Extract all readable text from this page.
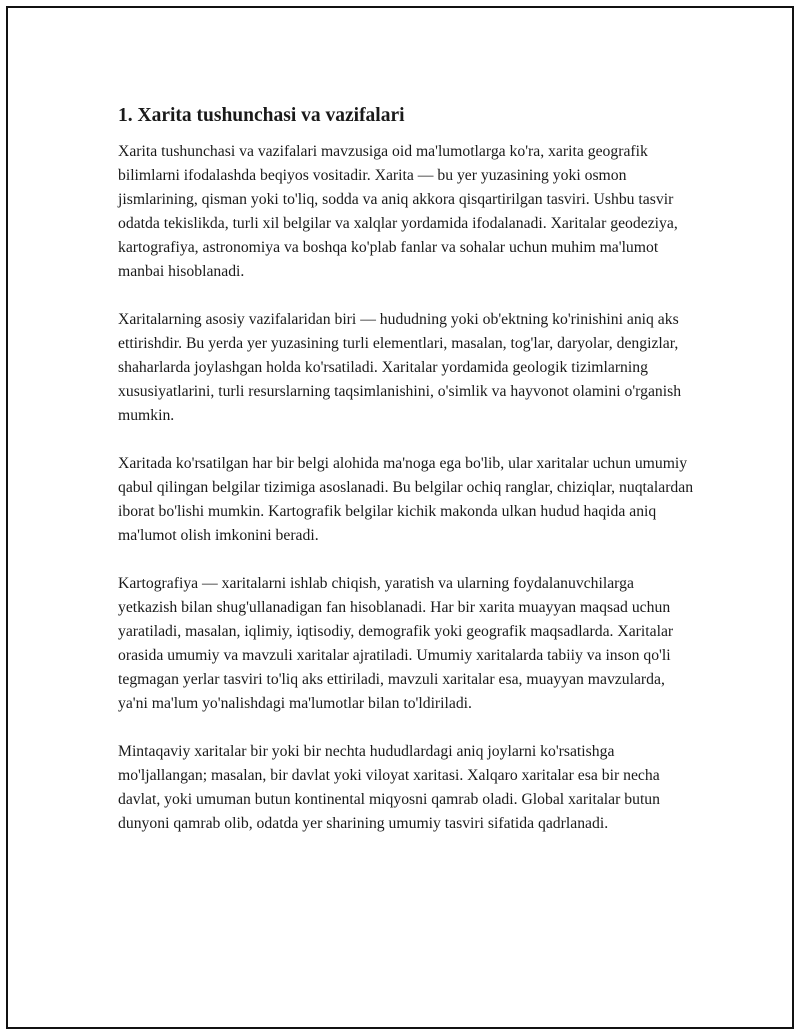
1. Xarita tushunchasi va vazifalari

Xarita tushunchasi va vazifalari mavzusiga oid ma'lumotlarga ko'ra, xarita geografik bilimlarni ifodalashda beqiyos vositadir. Xarita — bu yer yuzasining yoki osmon jismlarining, qisman yoki to'liq, sodda va aniq akkora qisqartirilgan tasviri. Ushbu tasvir odatda tekislikda, turli xil belgilar va xalqlar yordamida ifodalanadi. Xaritalar geodeziya, kartografiya, astronomiya va boshqa ko'plab fanlar va sohalar uchun muhim ma'lumot manbai hisoblanadi.

Xaritalarning asosiy vazifalaridan biri — hududning yoki ob'ektning ko'rinishini aniq aks ettirishdir. Bu yerda yer yuzasining turli elementlari, masalan, tog'lar, daryolar, dengizlar, shaharlarda joylashgan holda ko'rsatiladi. Xaritalar yordamida geologik tizimlarning xususiyatlarini, turli resurslarning taqsimlanishini, o'simlik va hayvonot olamini o'rganish mumkin.

Xaritada ko'rsatilgan har bir belgi alohida ma'noga ega bo'lib, ular xaritalar uchun umumiy qabul qilingan belgilar tizimiga asoslanadi. Bu belgilar ochiq ranglar, chiziqlar, nuqtalardan iborat bo'lishi mumkin. Kartografik belgilar kichik makonda ulkan hudud haqida aniq ma'lumot olish imkonini beradi.

Kartografiya — xaritalarni ishlab chiqish, yaratish va ularning foydalanuvchilarga yetkazish bilan shug'ullanadigan fan hisoblanadi. Har bir xarita muayyan maqsad uchun yaratiladi, masalan, iqlimiy, iqtisodiy, demografik yoki geografik maqsadlarda. Xaritalar orasida umumiy va mavzuli xaritalar ajratiladi. Umumiy xaritalarda tabiiy va inson qo'li tegmagan yerlar tasviri to'liq aks ettiriladi, mavzuli xaritalar esa, muayyan mavzularda, ya'ni ma'lum yo'nalishdagi ma'lumotlar bilan to'ldiriladi.

Mintaqaviy xaritalar bir yoki bir nechta hududlardagi aniq joylarni ko'rsatishga mo'ljallangan; masalan, bir davlat yoki viloyat xaritasi. Xalqaro xaritalar esa bir necha davlat, yoki umuman butun kontinental miqyosni qamrab oladi. Global xaritalar butun dunyoni qamrab olib, odatda yer sharining umumiy tasviri sifatida qadrlanadi.
